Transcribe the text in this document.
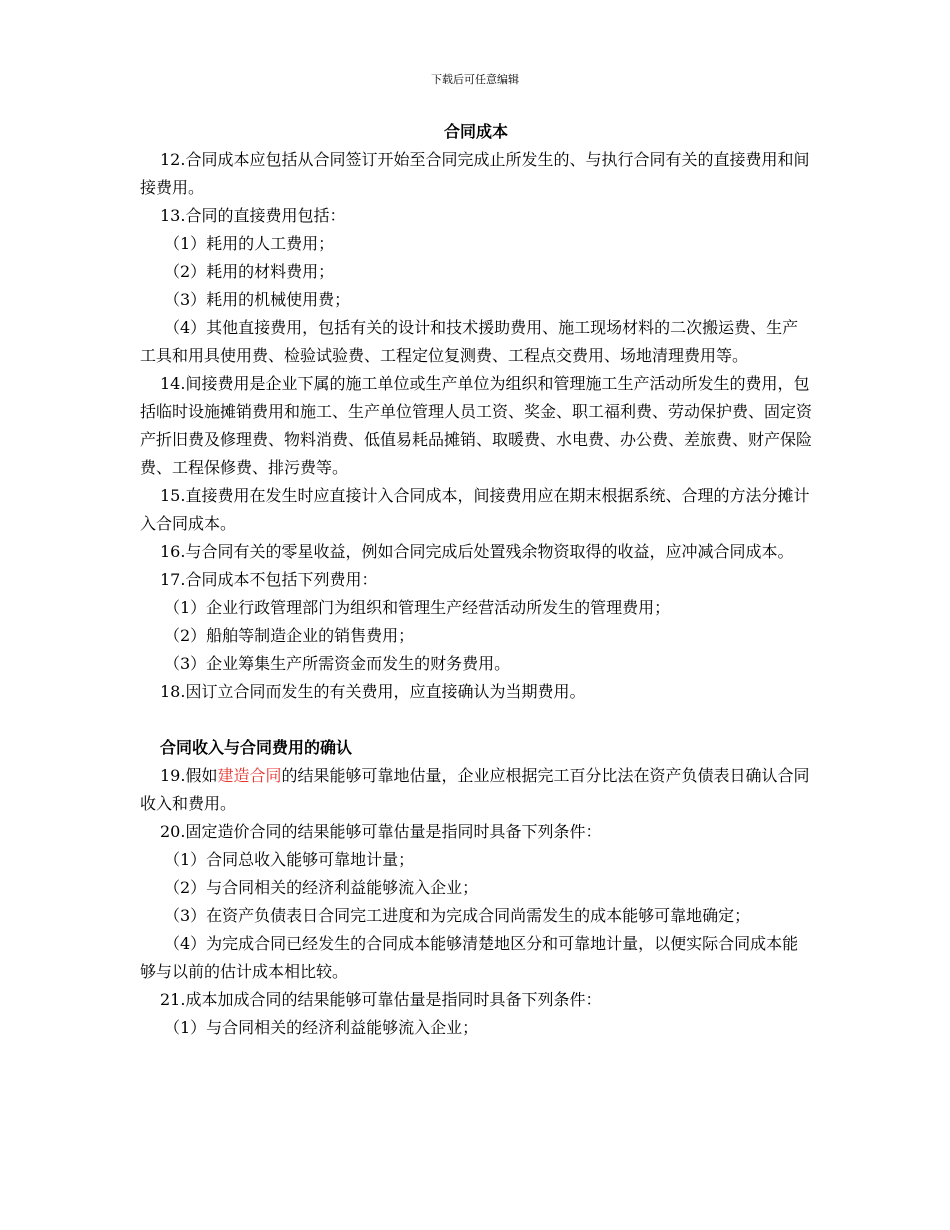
下载后可任意编辑
合同成本
12.合同成本应包括从合同签订开始至合同完成止所发生的、与执行合同有关的直接费用和间接费用。
13.合同的直接费用包括：
（1）耗用的人工费用；
（2）耗用的材料费用；
（3）耗用的机械使用费；
（4）其他直接费用，包括有关的设计和技术援助费用、施工现场材料的二次搬运费、生产工具和用具使用费、检验试验费、工程定位复测费、工程点交费用、场地清理费用等。
14.间接费用是企业下属的施工单位或生产单位为组织和管理施工生产活动所发生的费用，包括临时设施摊销费用和施工、生产单位管理人员工资、奖金、职工福利费、劳动保护费、固定资产折旧费及修理费、物料消费、低值易耗品摊销、取暖费、水电费、办公费、差旅费、财产保险费、工程保修费、排污费等。
15.直接费用在发生时应直接计入合同成本，间接费用应在期末根据系统、合理的方法分摊计入合同成本。
16.与合同有关的零星收益，例如合同完成后处置残余物资取得的收益，应冲减合同成本。
17.合同成本不包括下列费用：
（1）企业行政管理部门为组织和管理生产经营活动所发生的管理费用；
（2）船舶等制造企业的销售费用；
（3）企业筹集生产所需资金而发生的财务费用。
18.因订立合同而发生的有关费用，应直接确认为当期费用。
合同收入与合同费用的确认
19.假如建造合同的结果能够可靠地估量，企业应根据完工百分比法在资产负债表日确认合同收入和费用。
20.固定造价合同的结果能够可靠估量是指同时具备下列条件：
（1）合同总收入能够可靠地计量；
（2）与合同相关的经济利益能够流入企业；
（3）在资产负债表日合同完工进度和为完成合同尚需发生的成本能够可靠地确定；
（4）为完成合同已经发生的合同成本能够清楚地区分和可靠地计量，以便实际合同成本能够与以前的估计成本相比较。
21.成本加成合同的结果能够可靠估量是指同时具备下列条件：
（1）与合同相关的经济利益能够流入企业；
